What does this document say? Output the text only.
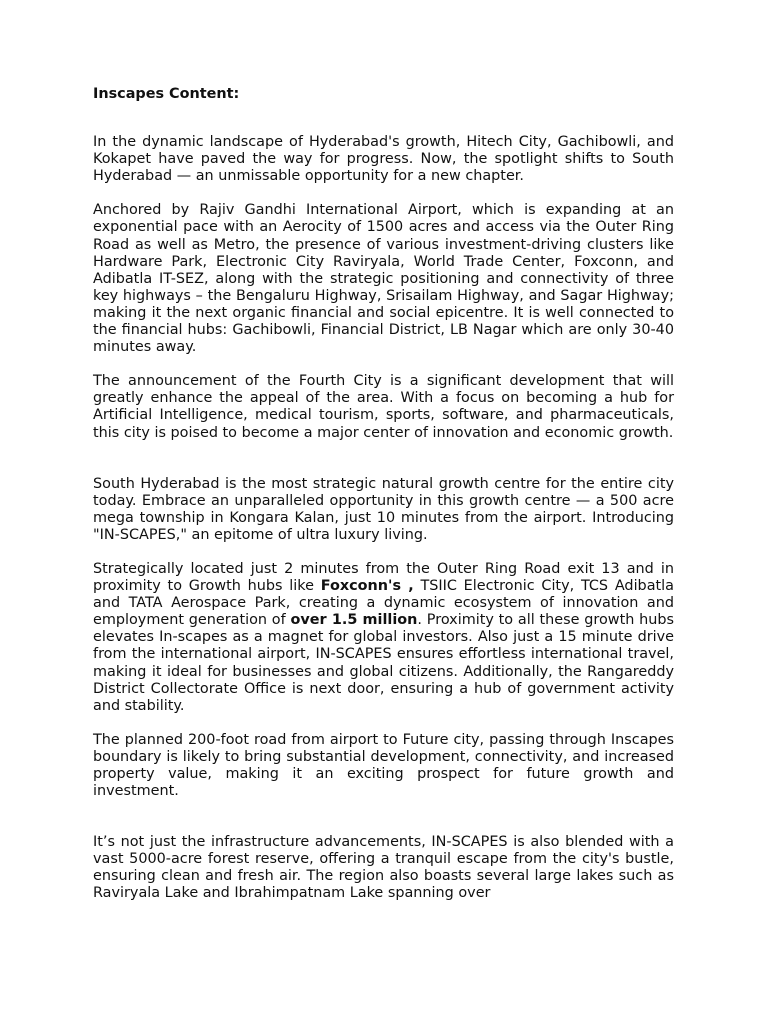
Inscapes Content:

In the dynamic landscape of Hyderabad's growth, Hitech City, Gachibowli, and Kokapet have paved the way for progress. Now, the spotlight shifts to South Hyderabad — an unmissable opportunity for a new chapter.

Anchored by Rajiv Gandhi International Airport, which is expanding at an exponential pace with an Aerocity of 1500 acres and access via the Outer Ring Road as well as Metro, the presence of various investment-driving clusters like Hardware Park, Electronic City Raviryala, World Trade Center, Foxconn, and Adibatla IT-SEZ, along with the strategic positioning and connectivity of three key highways – the Bengaluru Highway, Srisailam Highway, and Sagar Highway; making it the next organic financial and social epicentre. It is well connected to the financial hubs: Gachibowli, Financial District, LB Nagar which are only 30-40 minutes away.

The announcement of the Fourth City is a significant development that will greatly enhance the appeal of the area. With a focus on becoming a hub for Artificial Intelligence, medical tourism, sports, software, and pharmaceuticals, this city is poised to become a major center of innovation and economic growth.

South Hyderabad is the most strategic natural growth centre for the entire city today. Embrace an unparalleled opportunity in this growth centre — a 500 acre mega township in Kongara Kalan, just 10 minutes from the airport. Introducing "IN-SCAPES," an epitome of ultra luxury living.

Strategically located just 2 minutes from the Outer Ring Road exit 13 and in proximity to Growth hubs like Foxconn's , TSIIC Electronic City, TCS Adibatla and TATA Aerospace Park, creating a dynamic ecosystem of innovation and employment generation of over 1.5 million. Proximity to all these growth hubs elevates In-scapes as a magnet for global investors. Also just a 15 minute drive from the international airport, IN-SCAPES ensures effortless international travel, making it ideal for businesses and global citizens. Additionally, the Rangareddy District Collectorate Office is next door, ensuring a hub of government activity and stability.

The planned 200-foot road from airport to Future city, passing through Inscapes boundary is likely to bring substantial development, connectivity, and increased property value, making it an exciting prospect for future growth and investment.

It’s not just the infrastructure advancements, IN-SCAPES is also blended with a vast 5000-acre forest reserve, offering a tranquil escape from the city's bustle, ensuring clean and fresh air. The region also boasts several large lakes such as Raviryala Lake and Ibrahimpatnam Lake spanning over
